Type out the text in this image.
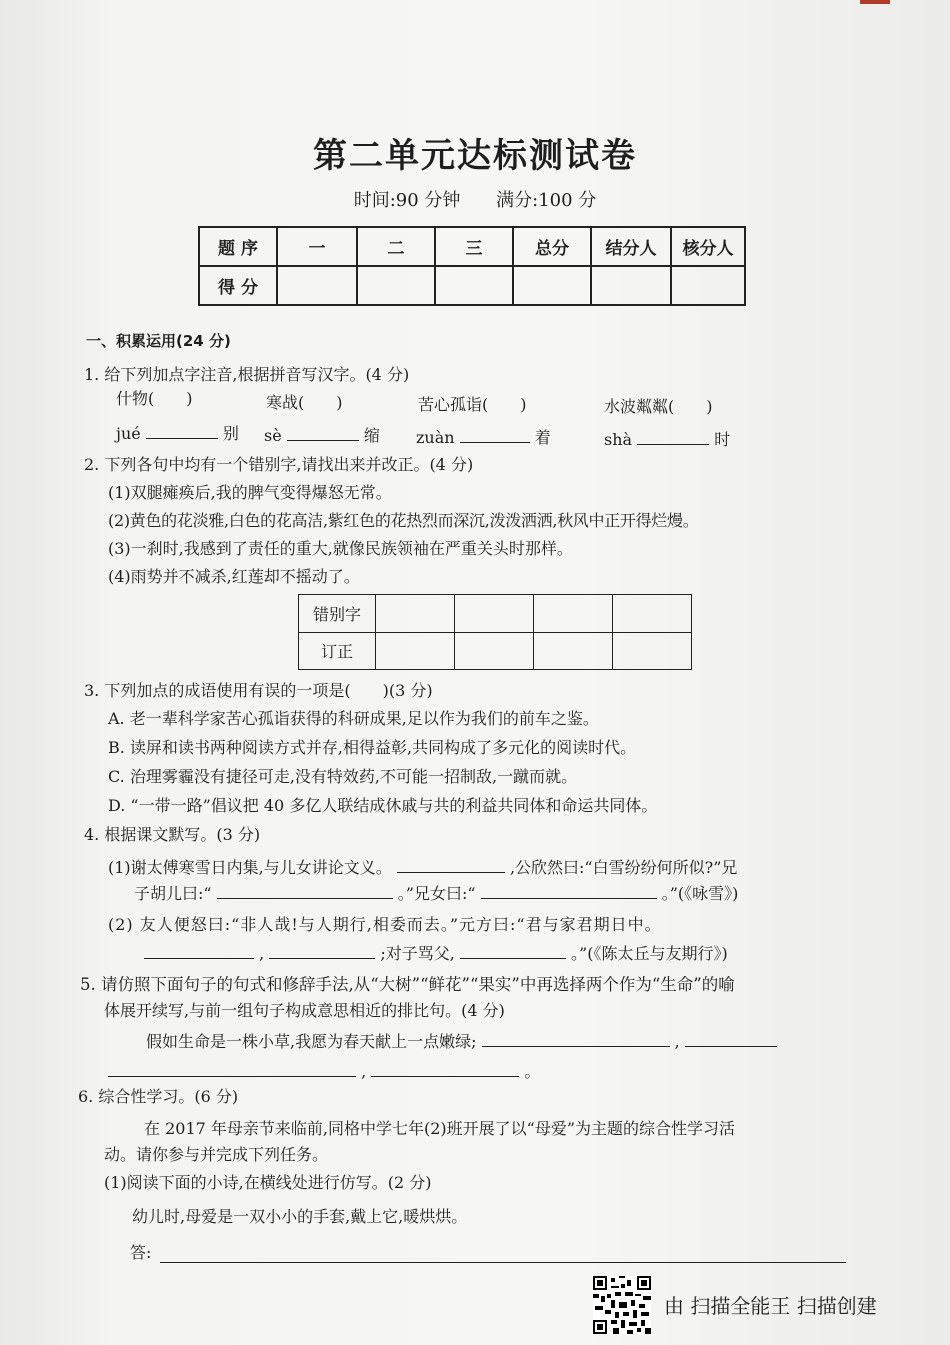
第二单元达标测试卷
时间:90 分钟 满分:100 分
题 序	一	二	三	总分	结分人	核分人
得 分						
一、积累运用(24 分)
1. 给下列加点字注音,根据拼音写汉字。(4 分)
什物(　　)	寒战(　　)	苦心孤诣(　　)	水波粼粼(　　)
jué	别 sè	缩 zuàn	着	shà	时
2. 下列各句中均有一个错别字,请找出来并改正。(4 分)
(1)双腿瘫痪后,我的脾气变得爆怒无常。
(2)黄色的花淡雅,白色的花高洁,紫红色的花热烈而深沉,泼泼洒洒,秋风中正开得烂熳。
(3)一刹时,我感到了责任的重大,就像民族领袖在严重关头时那样。
(4)雨势并不减杀,红莲却不摇动了。
错别字				
订正				
3. 下列加点的成语使用有误的一项是(　　)(3 分)
A. 老一辈科学家苦心孤诣获得的科研成果,足以作为我们的前车之鉴。
B. 读屏和读书两种阅读方式并存,相得益彰,共同构成了多元化的阅读时代。
C. 治理雾霾没有捷径可走,没有特效药,不可能一招制敌,一蹴而就。
D. “一带一路”倡议把 40 多亿人联结成休戚与共的利益共同体和命运共同体。
4. 根据课文默写。(3 分)
(1)谢太傅寒雪日内集,与儿女讲论文义。	,公欣然曰:“白雪纷纷何所似?”兄
子胡儿曰:“	。”兄女曰:“	。”(《咏雪》)
(2) 友人便怒曰:“非人哉!与人期行,相委而去。”元方曰:“君与家君期日中。
,	;对子骂父,	。”(《陈太丘与友期行》)
5. 请仿照下面句子的句式和修辞手法,从“大树”“鲜花”“果实”中再选择两个作为“生命”的喻
体展开续写,与前一组句子构成意思相近的排比句。(4 分)
假如生命是一株小草,我愿为春天献上一点嫩绿;	,
,	。
6. 综合性学习。(6 分)
在 2017 年母亲节来临前,同格中学七年(2)班开展了以“母爱”为主题的综合性学习活
动。请你参与并完成下列任务。
(1)阅读下面的小诗,在横线处进行仿写。(2 分)
幼儿时,母爱是一双小小的手套,戴上它,暖烘烘。
答:
由 扫描全能王 扫描创建
